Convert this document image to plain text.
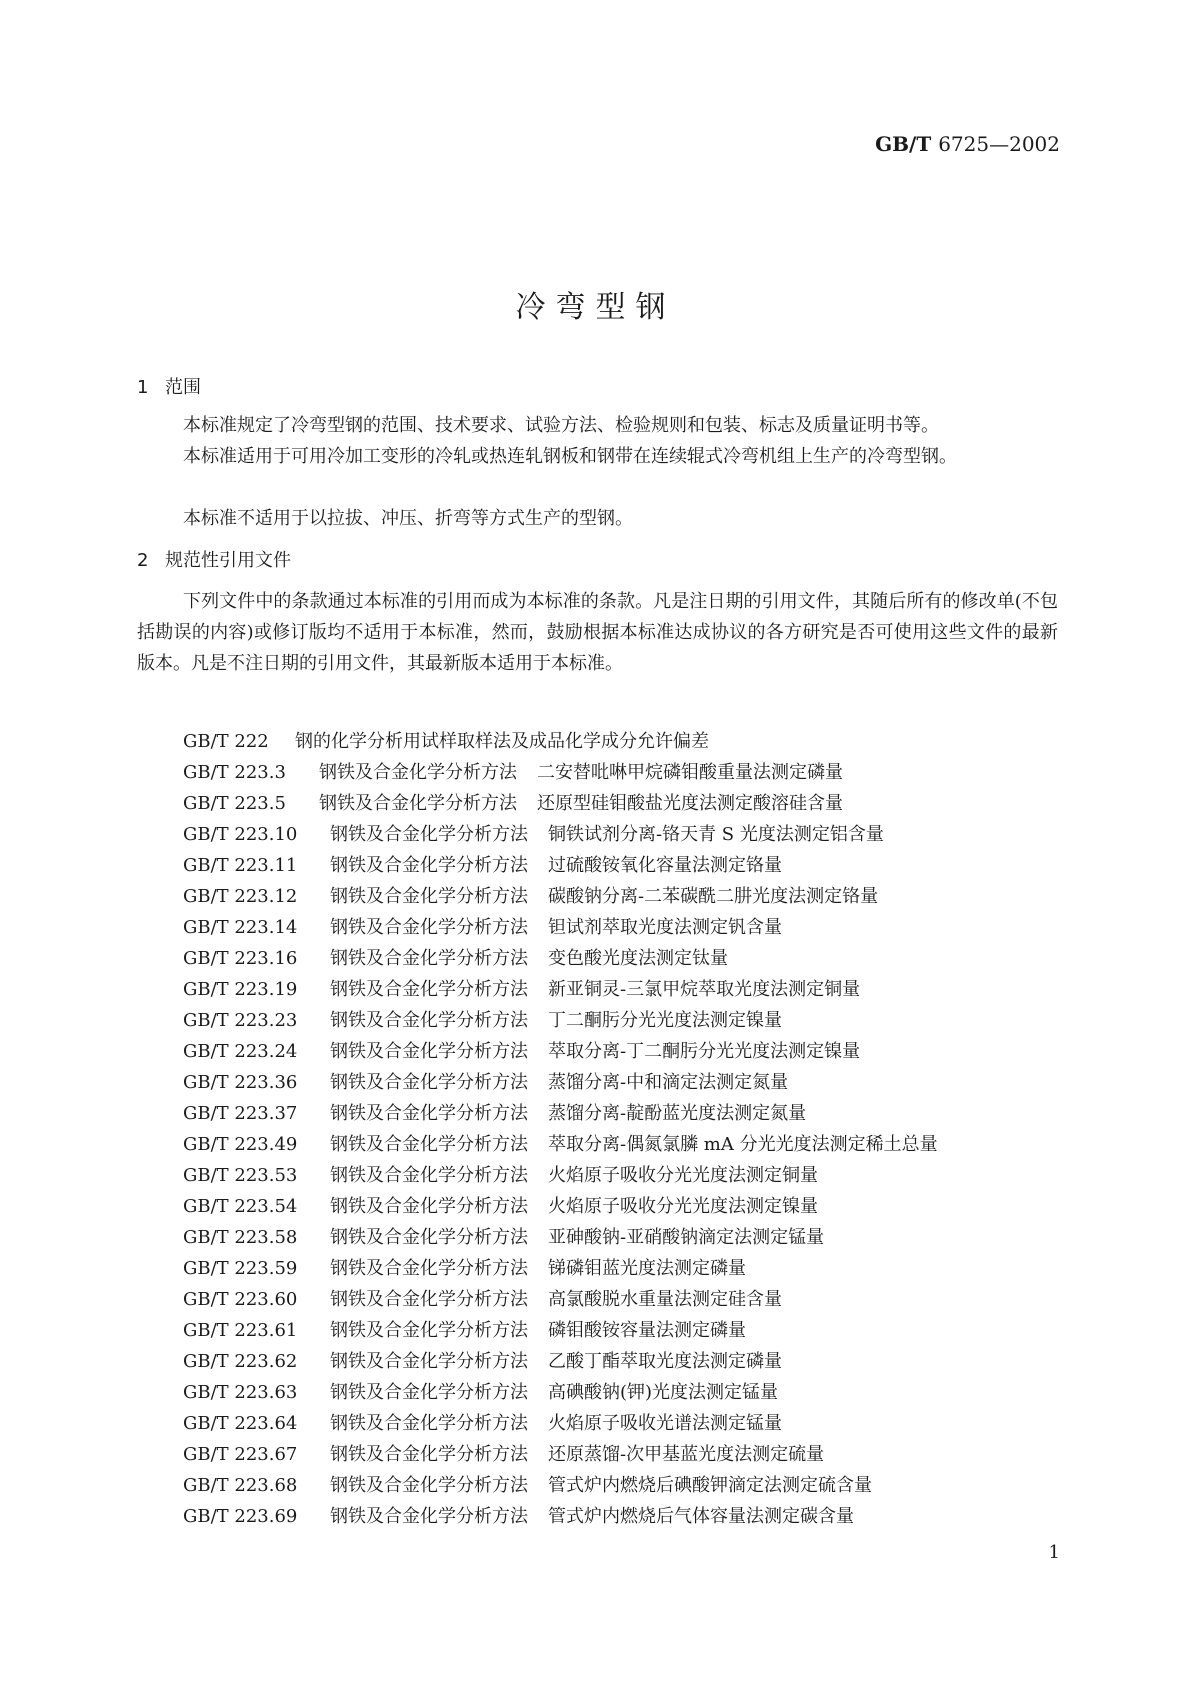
GB/T 6725—2002

冷弯型钢
1 范围

本标准规定了冷弯型钢的范围、技术要求、试验方法、检验规则和包装、标志及质量证明书等。

本标准适用于可用冷加工变形的冷轧或热连轧钢板和钢带在连续辊式冷弯机组上生产的冷弯型钢。

本标准不适用于以拉拔、冲压、折弯等方式生产的型钢。

2 规范性引用文件

下列文件中的条款通过本标准的引用而成为本标准的条款。凡是注日期的引用文件，其随后所有的修改单(不包括勘误的内容)或修订版均不适用于本标准，然而，鼓励根据本标准达成协议的各方研究是否可使用这些文件的最新版本。凡是不注日期的引用文件，其最新版本适用于本标准。

GB/T 222 钢的化学分析用试样取样法及成品化学成分允许偏差
GB/T 223.3 钢铁及合金化学分析方法 二安替吡啉甲烷磷钼酸重量法测定磷量
GB/T 223.5 钢铁及合金化学分析方法 还原型硅钼酸盐光度法测定酸溶硅含量
GB/T 223.10 钢铁及合金化学分析方法 铜铁试剂分离-铬天青 S 光度法测定铝含量
GB/T 223.11 钢铁及合金化学分析方法 过硫酸铵氧化容量法测定铬量
GB/T 223.12 钢铁及合金化学分析方法 碳酸钠分离-二苯碳酰二肼光度法测定铬量
GB/T 223.14 钢铁及合金化学分析方法 钽试剂萃取光度法测定钒含量
GB/T 223.16 钢铁及合金化学分析方法 变色酸光度法测定钛量
GB/T 223.19 钢铁及合金化学分析方法 新亚铜灵-三氯甲烷萃取光度法测定铜量
GB/T 223.23 钢铁及合金化学分析方法 丁二酮肟分光光度法测定镍量
GB/T 223.24 钢铁及合金化学分析方法 萃取分离-丁二酮肟分光光度法测定镍量
GB/T 223.36 钢铁及合金化学分析方法 蒸馏分离-中和滴定法测定氮量
GB/T 223.37 钢铁及合金化学分析方法 蒸馏分离-靛酚蓝光度法测定氮量
GB/T 223.49 钢铁及合金化学分析方法 萃取分离-偶氮氯膦 mA 分光光度法测定稀土总量
GB/T 223.53 钢铁及合金化学分析方法 火焰原子吸收分光光度法测定铜量
GB/T 223.54 钢铁及合金化学分析方法 火焰原子吸收分光光度法测定镍量
GB/T 223.58 钢铁及合金化学分析方法 亚砷酸钠-亚硝酸钠滴定法测定锰量
GB/T 223.59 钢铁及合金化学分析方法 锑磷钼蓝光度法测定磷量
GB/T 223.60 钢铁及合金化学分析方法 高氯酸脱水重量法测定硅含量
GB/T 223.61 钢铁及合金化学分析方法 磷钼酸铵容量法测定磷量
GB/T 223.62 钢铁及合金化学分析方法 乙酸丁酯萃取光度法测定磷量
GB/T 223.63 钢铁及合金化学分析方法 高碘酸钠(钾)光度法测定锰量
GB/T 223.64 钢铁及合金化学分析方法 火焰原子吸收光谱法测定锰量
GB/T 223.67 钢铁及合金化学分析方法 还原蒸馏-次甲基蓝光度法测定硫量
GB/T 223.68 钢铁及合金化学分析方法 管式炉内燃烧后碘酸钾滴定法测定硫含量
GB/T 223.69 钢铁及合金化学分析方法 管式炉内燃烧后气体容量法测定碳含量

1
